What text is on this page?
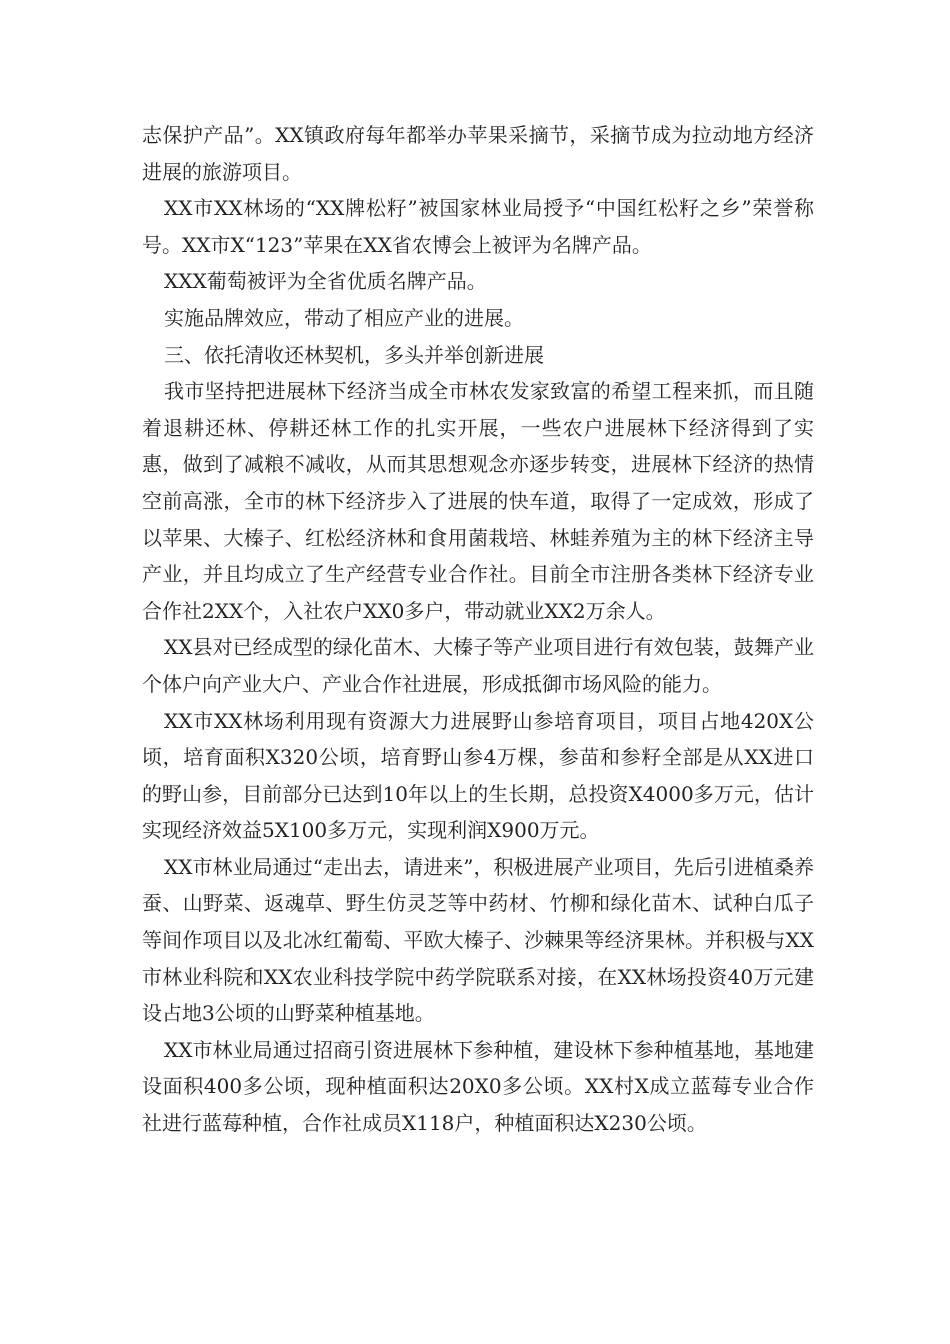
志保护产品”。XX镇政府每年都举办苹果采摘节，采摘节成为拉动地方经济进展的旅游项目。

XX市XX林场的“XX牌松籽”被国家林业局授予“中国红松籽之乡”荣誉称号。XX市X“123”苹果在XX省农博会上被评为名牌产品。

XXX葡萄被评为全省优质名牌产品。

实施品牌效应，带动了相应产业的进展。

三、依托清收还林契机，多头并举创新进展

我市坚持把进展林下经济当成全市林农发家致富的希望工程来抓，而且随着退耕还林、停耕还林工作的扎实开展，一些农户进展林下经济得到了实惠，做到了减粮不减收，从而其思想观念亦逐步转变，进展林下经济的热情空前高涨，全市的林下经济步入了进展的快车道，取得了一定成效，形成了以苹果、大榛子、红松经济林和食用菌栽培、林蛙养殖为主的林下经济主导产业，并且均成立了生产经营专业合作社。目前全市注册各类林下经济专业合作社2XX个，入社农户XX0多户，带动就业XX2万余人。

XX县对已经成型的绿化苗木、大榛子等产业项目进行有效包装，鼓舞产业个体户向产业大户、产业合作社进展，形成抵御市场风险的能力。

XX市XX林场利用现有资源大力进展野山参培育项目，项目占地420X公顷，培育面积X320公顷，培育野山参4万棵，参苗和参籽全部是从XX进口的野山参，目前部分已达到10年以上的生长期，总投资X4000多万元，估计实现经济效益5X100多万元，实现利润X900万元。

XX市林业局通过“走出去，请进来”，积极进展产业项目，先后引进植桑养蚕、山野菜、返魂草、野生仿灵芝等中药材、竹柳和绿化苗木、试种白瓜子等间作项目以及北冰红葡萄、平欧大榛子、沙棘果等经济果林。并积极与XX市林业科院和XX农业科技学院中药学院联系对接，在XX林场投资40万元建设占地3公顷的山野菜种植基地。

XX市林业局通过招商引资进展林下参种植，建设林下参种植基地，基地建设面积400多公顷，现种植面积达20X0多公顷。XX村X成立蓝莓专业合作社进行蓝莓种植，合作社成员X118户，种植面积达X230公顷。
